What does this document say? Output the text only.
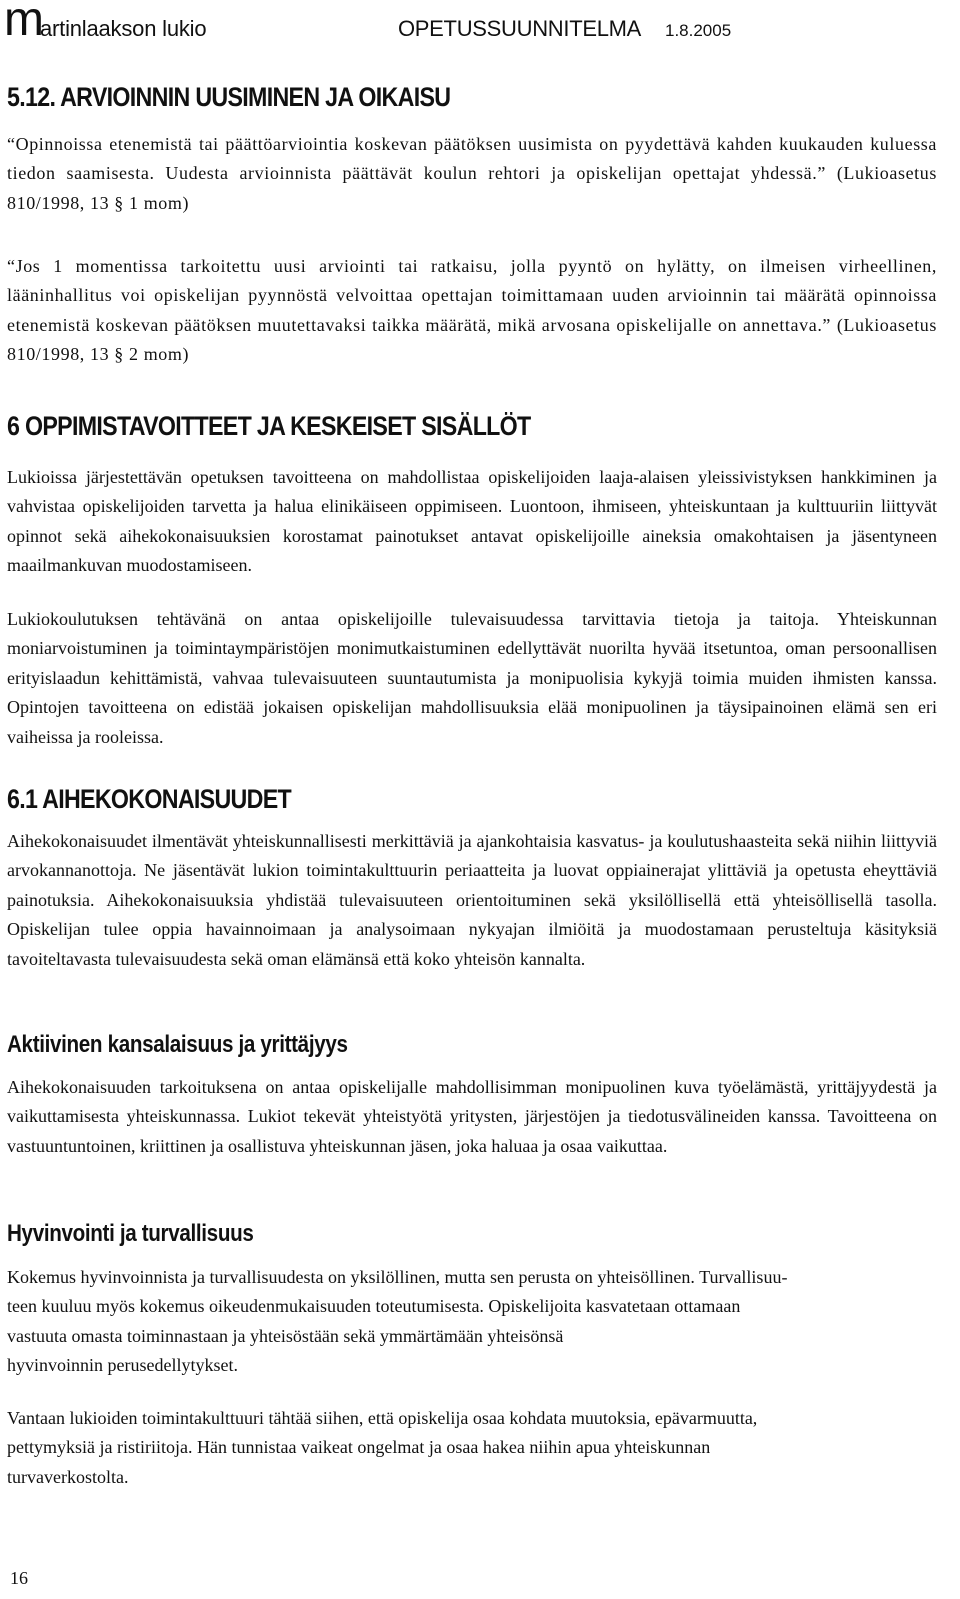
m
artinlaakson lukio	OPETUSSUUNNITELMA 1.8.2005
5.12. ARVIOINNIN UUSIMINEN JA OIKAISU
“Opinnoissa etenemistä tai päättöarviointia koskevan päätöksen uusimista on pyydettävä kahden kuukauden kuluessa tiedon saamisesta. Uudesta arvioinnista päättävät koulun rehtori ja opiskelijan opettajat yhdessä.” (Lukioasetus 810/1998, 13 § 1 mom)
“Jos 1 momentissa tarkoitettu uusi arviointi tai ratkaisu, jolla pyyntö on hylätty, on ilmeisen virheellinen, lääninhallitus voi opiskelijan pyynnöstä velvoittaa opettajan toimittamaan uuden arvioinnin tai määrätä opinnoissa etenemistä koskevan päätöksen muutettavaksi taikka määrätä, mikä arvosana opiskelijalle on annettava.” (Lukioasetus 810/1998, 13 § 2 mom)
6 OPPIMISTAVOITTEET JA KESKEISET SISÄLLÖT
Lukioissa järjestettävän opetuksen tavoitteena on mahdollistaa opiskelijoiden laaja-alaisen yleissivistyksen hankkiminen ja vahvistaa opiskelijoiden tarvetta ja halua elinikäiseen oppimiseen. Luontoon, ihmiseen, yhteiskuntaan ja kulttuuriin liittyvät opinnot sekä aihekokonaisuuksien korostamat painotukset antavat opiskelijoille aineksia omakohtaisen ja jäsentyneen maailmankuvan muodostamiseen.
Lukiokoulutuksen tehtävänä on antaa opiskelijoille tulevaisuudessa tarvittavia tietoja ja taitoja. Yhteiskunnan moniarvoistuminen ja toimintaympäristöjen monimutkaistuminen edellyttävät nuorilta hyvää itsetuntoa, oman persoonallisen erityislaadun kehittämistä, vahvaa tulevaisuuteen suuntautumista ja monipuolisia kykyjä toimia muiden ihmisten kanssa. Opintojen tavoitteena on edistää jokaisen opiskelijan mahdollisuuksia elää monipuolinen ja täysipainoinen elämä sen eri vaiheissa ja rooleissa.
6.1 AIHEKOKONAISUUDET
Aihekokonaisuudet ilmentävät yhteiskunnallisesti merkittäviä ja ajankohtaisia kasvatus- ja koulutushaasteita sekä niihin liittyviä arvokannanottoja. Ne jäsentävät lukion toimintakulttuurin periaatteita ja luovat oppiainerajat ylittäviä ja opetusta eheyttäviä painotuksia. Aihekokonaisuuksia yhdistää tulevaisuuteen orientoituminen sekä yksilöllisellä että yhteisöllisellä tasolla. Opiskelijan tulee oppia havainnoimaan ja analysoimaan nykyajan ilmiöitä ja muodostamaan perusteltuja käsityksiä tavoiteltavasta tulevaisuudesta sekä oman elämänsä että koko yhteisön kannalta.
Aktiivinen kansalaisuus ja yrittäjyys
Aihekokonaisuuden tarkoituksena on antaa opiskelijalle mahdollisimman monipuolinen kuva työelämästä, yrittäjyydestä ja vaikuttamisesta yhteiskunnassa. Lukiot tekevät yhteistyötä yritysten, järjestöjen ja tiedotusvälineiden kanssa. Tavoitteena on vastuuntuntoinen, kriittinen ja osallistuva yhteiskunnan jäsen, joka haluaa ja osaa vaikuttaa.
Hyvinvointi ja turvallisuus
Kokemus hyvinvoinnista ja turvallisuudesta on yksilöllinen, mutta sen perusta on yhteisöllinen. Turvallisuu-
teen kuuluu myös kokemus oikeudenmukaisuuden toteutumisesta. Opiskelijoita kasvatetaan ottamaan
vastuuta omasta toiminnastaan ja yhteisöstään sekä ymmärtämään yhteisönsä
hyvinvoinnin perusedellytykset.
Vantaan lukioiden toimintakulttuuri tähtää siihen, että opiskelija osaa kohdata muutoksia, epävarmuutta,
pettymyksiä ja ristiriitoja. Hän tunnistaa vaikeat ongelmat ja osaa hakea niihin apua yhteiskunnan
turvaverkostolta.
16
